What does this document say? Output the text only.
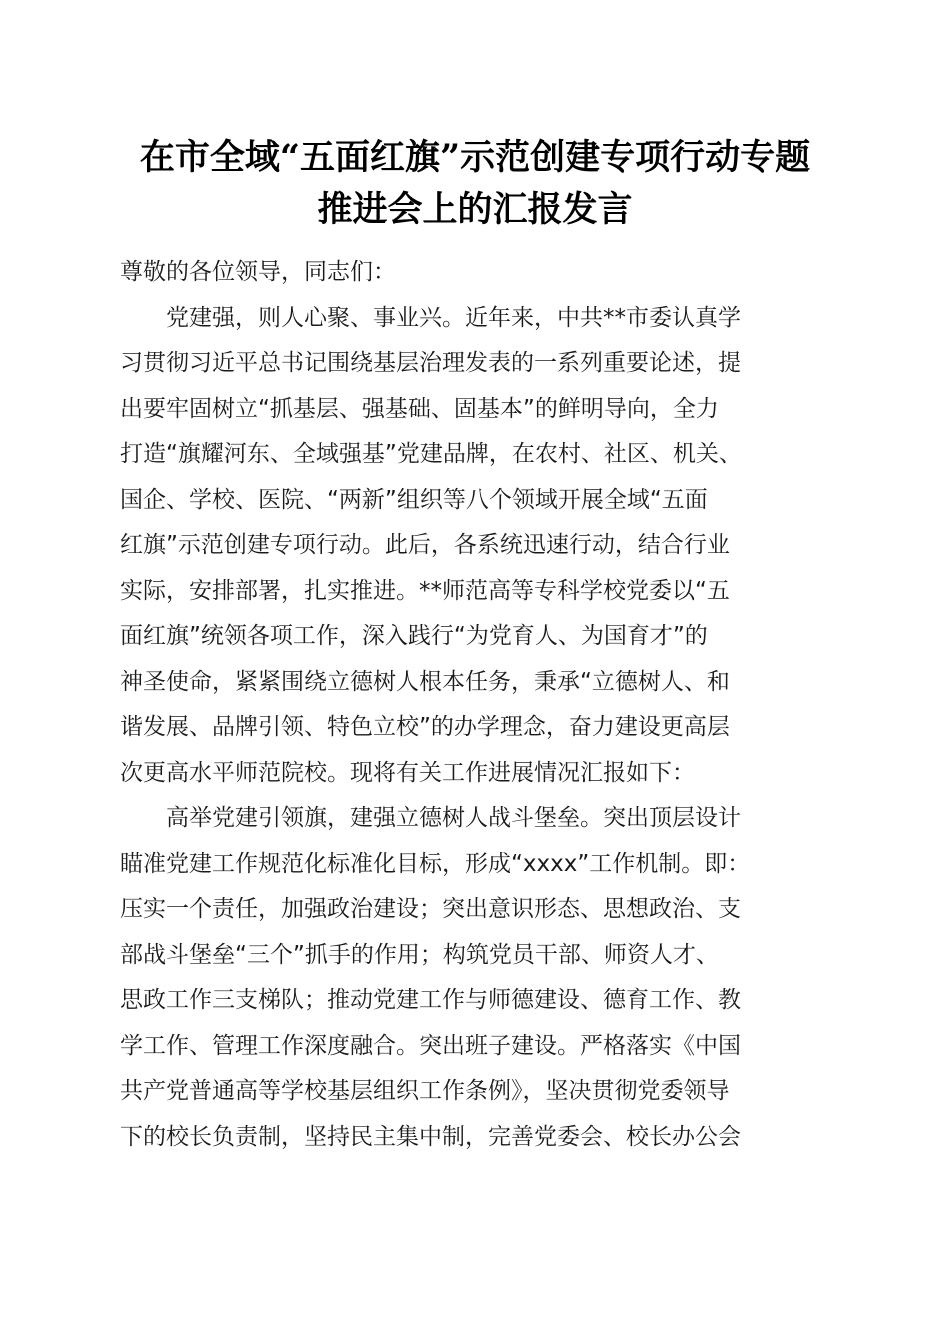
在市全域“五面红旗”示范创建专项行动专题
推进会上的汇报发言
尊敬的各位领导，同志们：
　　党建强，则人心聚、事业兴。近年来，中共**市委认真学
习贯彻习近平总书记围绕基层治理发表的一系列重要论述，提
出要牢固树立“抓基层、强基础、固基本”的鲜明导向，全力
打造“旗耀河东、全域强基”党建品牌，在农村、社区、机关、
国企、学校、医院、“两新”组织等八个领域开展全域“五面
红旗”示范创建专项行动。此后，各系统迅速行动，结合行业
实际，安排部署，扎实推进。**师范高等专科学校党委以“五
面红旗”统领各项工作，深入践行“为党育人、为国育才”的
神圣使命，紧紧围绕立德树人根本任务，秉承“立德树人、和
谐发展、品牌引领、特色立校”的办学理念，奋力建设更高层
次更高水平师范院校。现将有关工作进展情况汇报如下：
　　高举党建引领旗，建强立德树人战斗堡垒。突出顶层设计
瞄准党建工作规范化标准化目标，形成“xxxx”工作机制。即：
压实一个责任，加强政治建设；突出意识形态、思想政治、支
部战斗堡垒“三个”抓手的作用；构筑党员干部、师资人才、
思政工作三支梯队；推动党建工作与师德建设、德育工作、教
学工作、管理工作深度融合。突出班子建设。严格落实《中国
共产党普通高等学校基层组织工作条例》，坚决贯彻党委领导
下的校长负责制，坚持民主集中制，完善党委会、校长办公会
